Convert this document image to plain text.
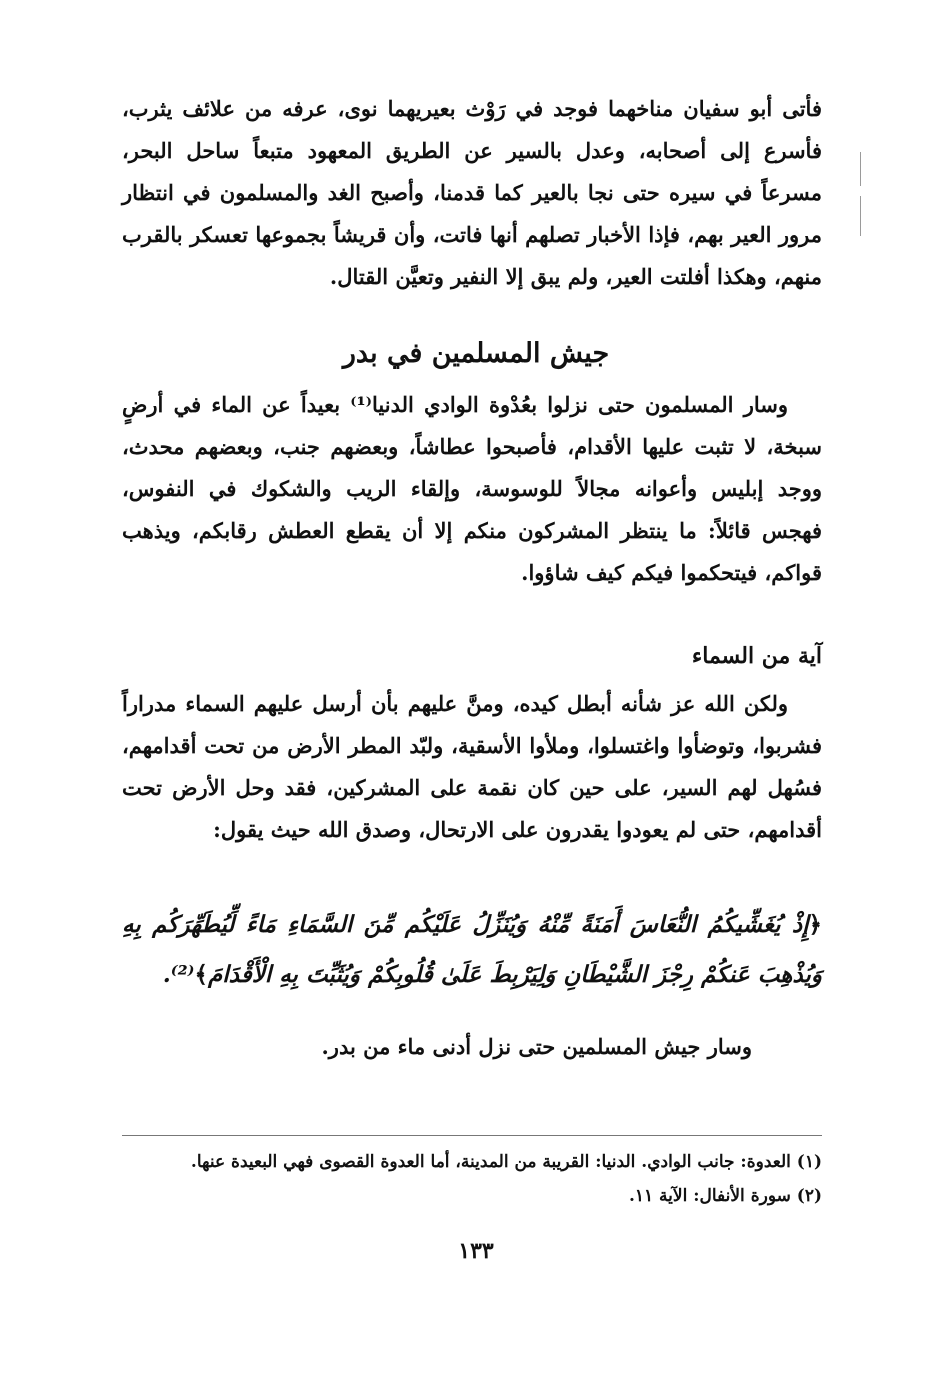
فأتى أبو سفيان مناخهما فوجد في رَوْث بعيريهما نوى، عرفه من علائف يثرب، فأسرع إلى أصحابه، وعدل بالسير عن الطريق المعهود متبعاً ساحل البحر، مسرعاً في سيره حتى نجا بالعير كما قدمنا، وأصبح الغد والمسلمون في انتظار مرور العير بهم، فإذا الأخبار تصلهم أنها فاتت، وأن قريشاً بجموعها تعسكر بالقرب منهم، وهكذا أفلتت العير، ولم يبق إلا النفير وتعيَّن القتال.
جيش المسلمين في بدر
وسار المسلمون حتى نزلوا بعُدْوة الوادي الدنيا⁽¹⁾ بعيداً عن الماء في أرضٍ سبخة، لا تثبت عليها الأقدام، فأصبحوا عطاشاً، وبعضهم جنب، وبعضهم محدث، ووجد إبليس وأعوانه مجالاً للوسوسة، وإلقاء الريب والشكوك في النفوس، فهجس قائلاً: ما ينتظر المشركون منكم إلا أن يقطع العطش رقابكم، ويذهب قواكم، فيتحكموا فيكم كيف شاؤوا.
آية من السماء
ولكن الله عز شأنه أبطل كيده، ومنَّ عليهم بأن أرسل عليهم السماء مدراراً فشربوا، وتوضأوا واغتسلوا، وملأوا الأسقية، ولبّد المطر الأرض من تحت أقدامهم، فسُهل لهم السير، على حين كان نقمة على المشركين، فقد وحل الأرض تحت أقدامهم، حتى لم يعودوا يقدرون على الارتحال، وصدق الله حيث يقول:
﴿إِذْ يُغَشِّيكُمُ النُّعَاسَ أَمَنَةً مِّنْهُ وَيُنَزِّلُ عَلَيْكُم مِّنَ السَّمَاءِ مَاءً لِّيُطَهِّرَكُم بِهِ وَيُذْهِبَ عَنكُمْ رِجْزَ الشَّيْطَانِ وَلِيَرْبِطَ عَلَىٰ قُلُوبِكُمْ وَيُثَبِّتَ بِهِ الْأَقْدَامَ﴾⁽²⁾.
وسار جيش المسلمين حتى نزل أدنى ماء من بدر.
(١) العدوة: جانب الوادي. الدنيا: القريبة من المدينة، أما العدوة القصوى فهي البعيدة عنها.
(٢) سورة الأنفال: الآية ١١.
١٣٣
